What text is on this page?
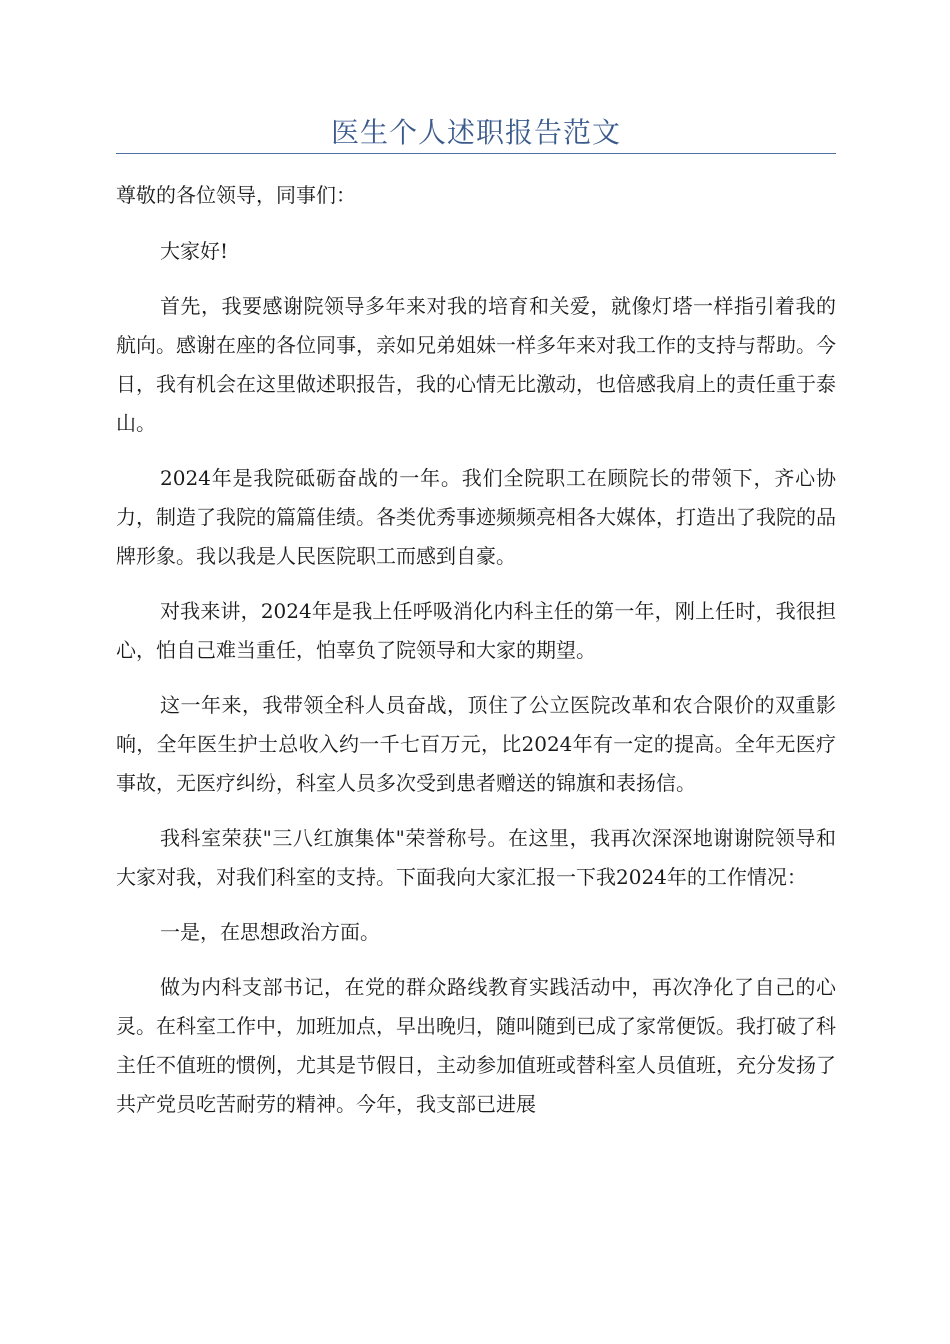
医生个人述职报告范文

尊敬的各位领导，同事们：

大家好!

首先，我要感谢院领导多年来对我的培育和关爱，就像灯塔一样指引着我的航向。感谢在座的各位同事，亲如兄弟姐妹一样多年来对我工作的支持与帮助。今日，我有机会在这里做述职报告，我的心情无比激动，也倍感我肩上的责任重于泰山。

2024年是我院砥砺奋战的一年。我们全院职工在顾院长的带领下，齐心协力，制造了我院的篇篇佳绩。各类优秀事迹频频亮相各大媒体，打造出了我院的品牌形象。我以我是人民医院职工而感到自豪。

对我来讲，2024年是我上任呼吸消化内科主任的第一年，刚上任时，我很担心，怕自己难当重任，怕辜负了院领导和大家的期望。

这一年来，我带领全科人员奋战，顶住了公立医院改革和农合限价的双重影响，全年医生护士总收入约一千七百万元，比2024年有一定的提高。全年无医疗事故，无医疗纠纷，科室人员多次受到患者赠送的锦旗和表扬信。

我科室荣获"三八红旗集体"荣誉称号。在这里，我再次深深地谢谢院领导和大家对我，对我们科室的支持。下面我向大家汇报一下我2024年的工作情况：

一是，在思想政治方面。

做为内科支部书记，在党的群众路线教育实践活动中，再次净化了自己的心灵。在科室工作中，加班加点，早出晚归，随叫随到已成了家常便饭。我打破了科主任不值班的惯例，尤其是节假日，主动参加值班或替科室人员值班，充分发扬了共产党员吃苦耐劳的精神。今年，我支部已进展
